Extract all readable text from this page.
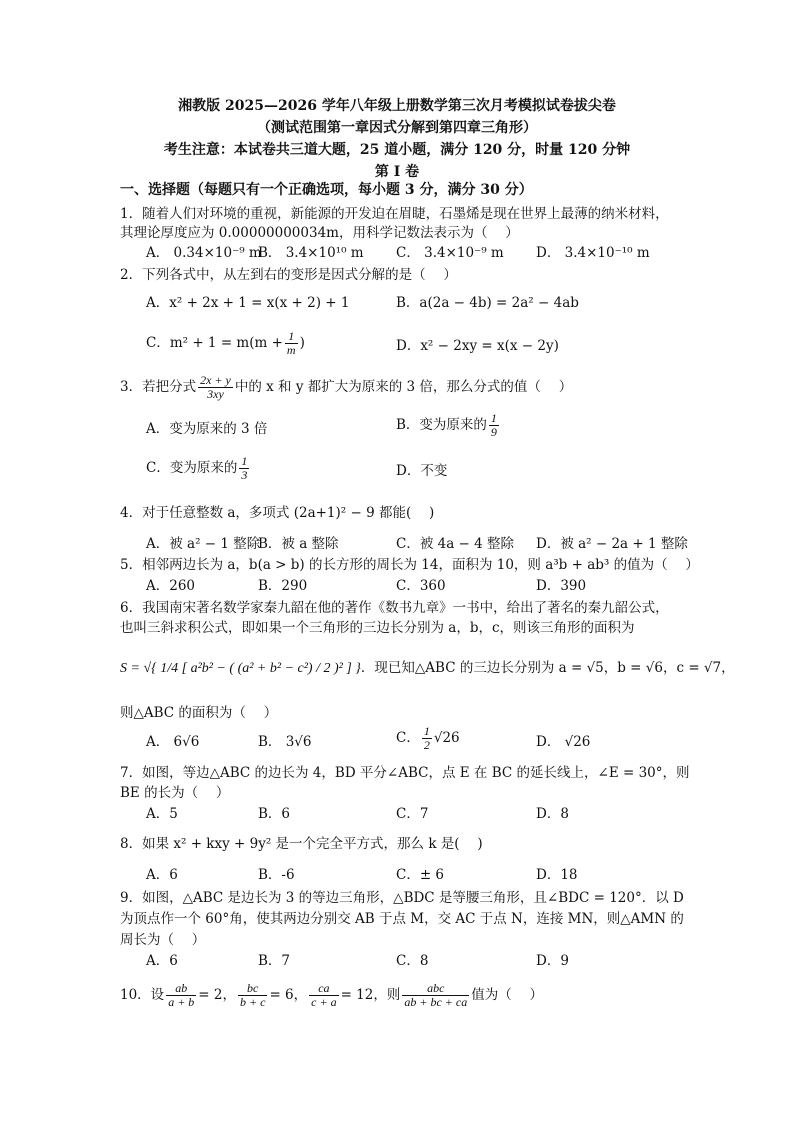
湘教版 2025—2026 学年八年级上册数学第三次月考模拟试卷拔尖卷
（测试范围第一章因式分解到第四章三角形）
考生注意：本试卷共三道大题，25 道小题，满分 120 分，时量 120 分钟
第 I 卷
一、选择题（每题只有一个正确选项，每小题 3 分，满分 30 分）
1．随着人们对环境的重视，新能源的开发迫在眉睫，石墨烯是现在世界上最薄的纳米材料，
其理论厚度应为 0.00000000034m，用科学记数法表示为（　 ）
A． 0.34×10⁻⁹ m
B． 3.4×10¹⁰ m C． 3.4×10⁻⁹ m D． 3.4×10⁻¹⁰ m
2．下列各式中，从左到右的变形是因式分解的是（　 ）
A．x² + 2x + 1 = x(x + 2) + 1	B．a(2a − 4b) = 2a² − 4ab
C．$m^2 + 1 = m(m + \frac{1}{m}$ )	D．x² − 2xy = x(x − 2y)
3．若把分式 $\frac{2x + y}{3xy}$ 中的 x 和 y 都扩大为原来的 3 倍，那么分式的值（　 ）
A．变为原来的 3 倍	B．变为原来的 $\frac{1}{9}$
C．变为原来的 $\frac{1}{3}$	D．不变
4．对于任意整数 a，多项式 (2a+1)² − 9 都能(　 )
A．被 a² − 1 整除
B．被 a 整除	C．被 4a − 4 整除 D．被 a² − 2a + 1 整除
5．相邻两边长为 a，b(a > b) 的长方形的周长为 14，面积为 10，则 a³b + ab³ 的值为（　 ）
A．260	B．290	C．360	D．390
6．我国南宋著名数学家秦九韶在他的著作《数书九章》一书中，给出了著名的秦九韶公式，
也叫三斜求积公式，即如果一个三角形的三边长分别为 a，b，c，则该三角形的面积为
S = √{ 1/4 [ a²b² − ( (a² + b² − c²) / 2 )² ] }．现已知△ABC 的三边长分别为 a = √5，b = √6，c = √7，
则△ABC 的面积为（　 ）
A． 6√6	B． 3√6	C． $\frac{1}{2} √26$	D． √26
7．如图，等边△ABC 的边长为 4，BD 平分∠ABC，点 E 在 BC 的延长线上，∠E = 30°，则
BE 的长为（　 ）
A．5	B．6	C．7	D．8
8．如果 x² + kxy + 9y² 是一个完全平方式，那么 k 是(　 )
A．6	B．-6	C．± 6	D．18
9．如图，△ABC 是边长为 3 的等边三角形，△BDC 是等腰三角形，且∠BDC = 120°．以 D
为顶点作一个 60°角，使其两边分别交 AB 于点 M，交 AC 于点 N，连接 MN，则△AMN 的
周长为（　 ）
A．6	B．7	C．8	D．9
10．设 $\frac{ab}{a + b} = 2$， $\frac{bc}{b + c} = 6$， $\frac{ca}{c + a} = 12$，则 $\frac{\text{abc}}{ab + bc + ca}$ 值为（　 ）
